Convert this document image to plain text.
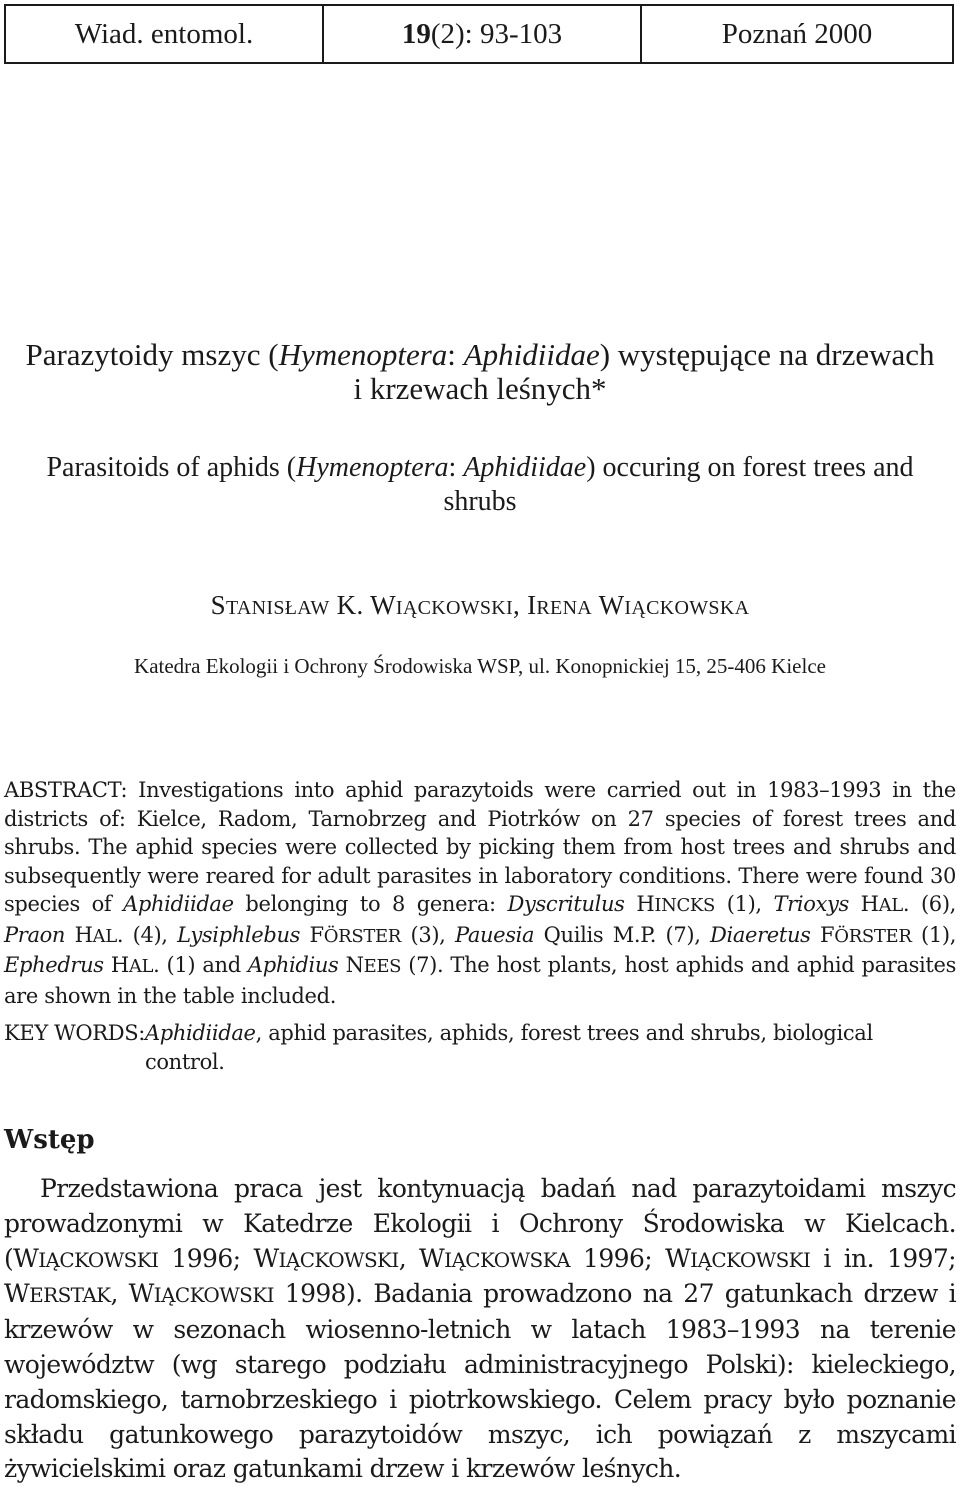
Wiad. entomol.	19 (2): 93-103	Poznań 2000
Parazytoidy mszyc (Hymenoptera: Aphidiidae) występujące na drzewach i krzewach leśnych*
Parasitoids of aphids (Hymenoptera: Aphidiidae) occuring on forest trees and shrubs
STANISŁAW K. WIĄCKOWSKI, IRENA WIĄCKOWSKA
Katedra Ekologii i Ochrony Środowiska WSP, ul. Konopnickiej 15, 25-406 Kielce

ABSTRACT: Investigations into aphid parazytoids were carried out in 1983–1993 in the districts of: Kielce, Radom, Tarnobrzeg and Piotrków on 27 species of forest trees and shrubs. The aphid species were collected by picking them from host trees and shrubs and subsequently were reared for adult parasites in laboratory conditions. There were found 30 species of Aphidiidae belonging to 8 genera: Dyscritulus HINCKS (1), Trioxys HAL. (6), Praon HAL. (4), Lysiphlebus FÖRSTER (3), Pauesia Quilis M.P. (7), Diaeretus FÖRSTER (1), Ephedrus HAL. (1) and Aphidius NEES (7). The host plants, host aphids and aphid parasites are shown in the table included.

KEY WORDS: Aphidiidae, aphid parasites, aphids, forest trees and shrubs, biological control.
Wstęp

Przedstawiona praca jest kontynuacją badań nad parazytoidami mszyc prowadzonymi w Katedrze Ekologii i Ochrony Środowiska w Kielcach. (WIĄCKOWSKI 1996; WIĄCKOWSKI, WIĄCKOWSKA 1996; WIĄCKOWSKI i in. 1997; WERSTAK, WIĄCKOWSKI 1998). Badania prowadzono na 27 gatunkach drzew i krzewów w sezonach wiosenno-letnich w latach 1983–1993 na terenie województw (wg starego podziału administracyjnego Polski): kieleckiego, radomskiego, tarnobrzeskiego i piotrkowskiego. Celem pracy było poznanie składu gatunkowego parazytoidów mszyc, ich powiązań z mszycami żywicielskimi oraz gatunkami drzew i krzewów leśnych.
